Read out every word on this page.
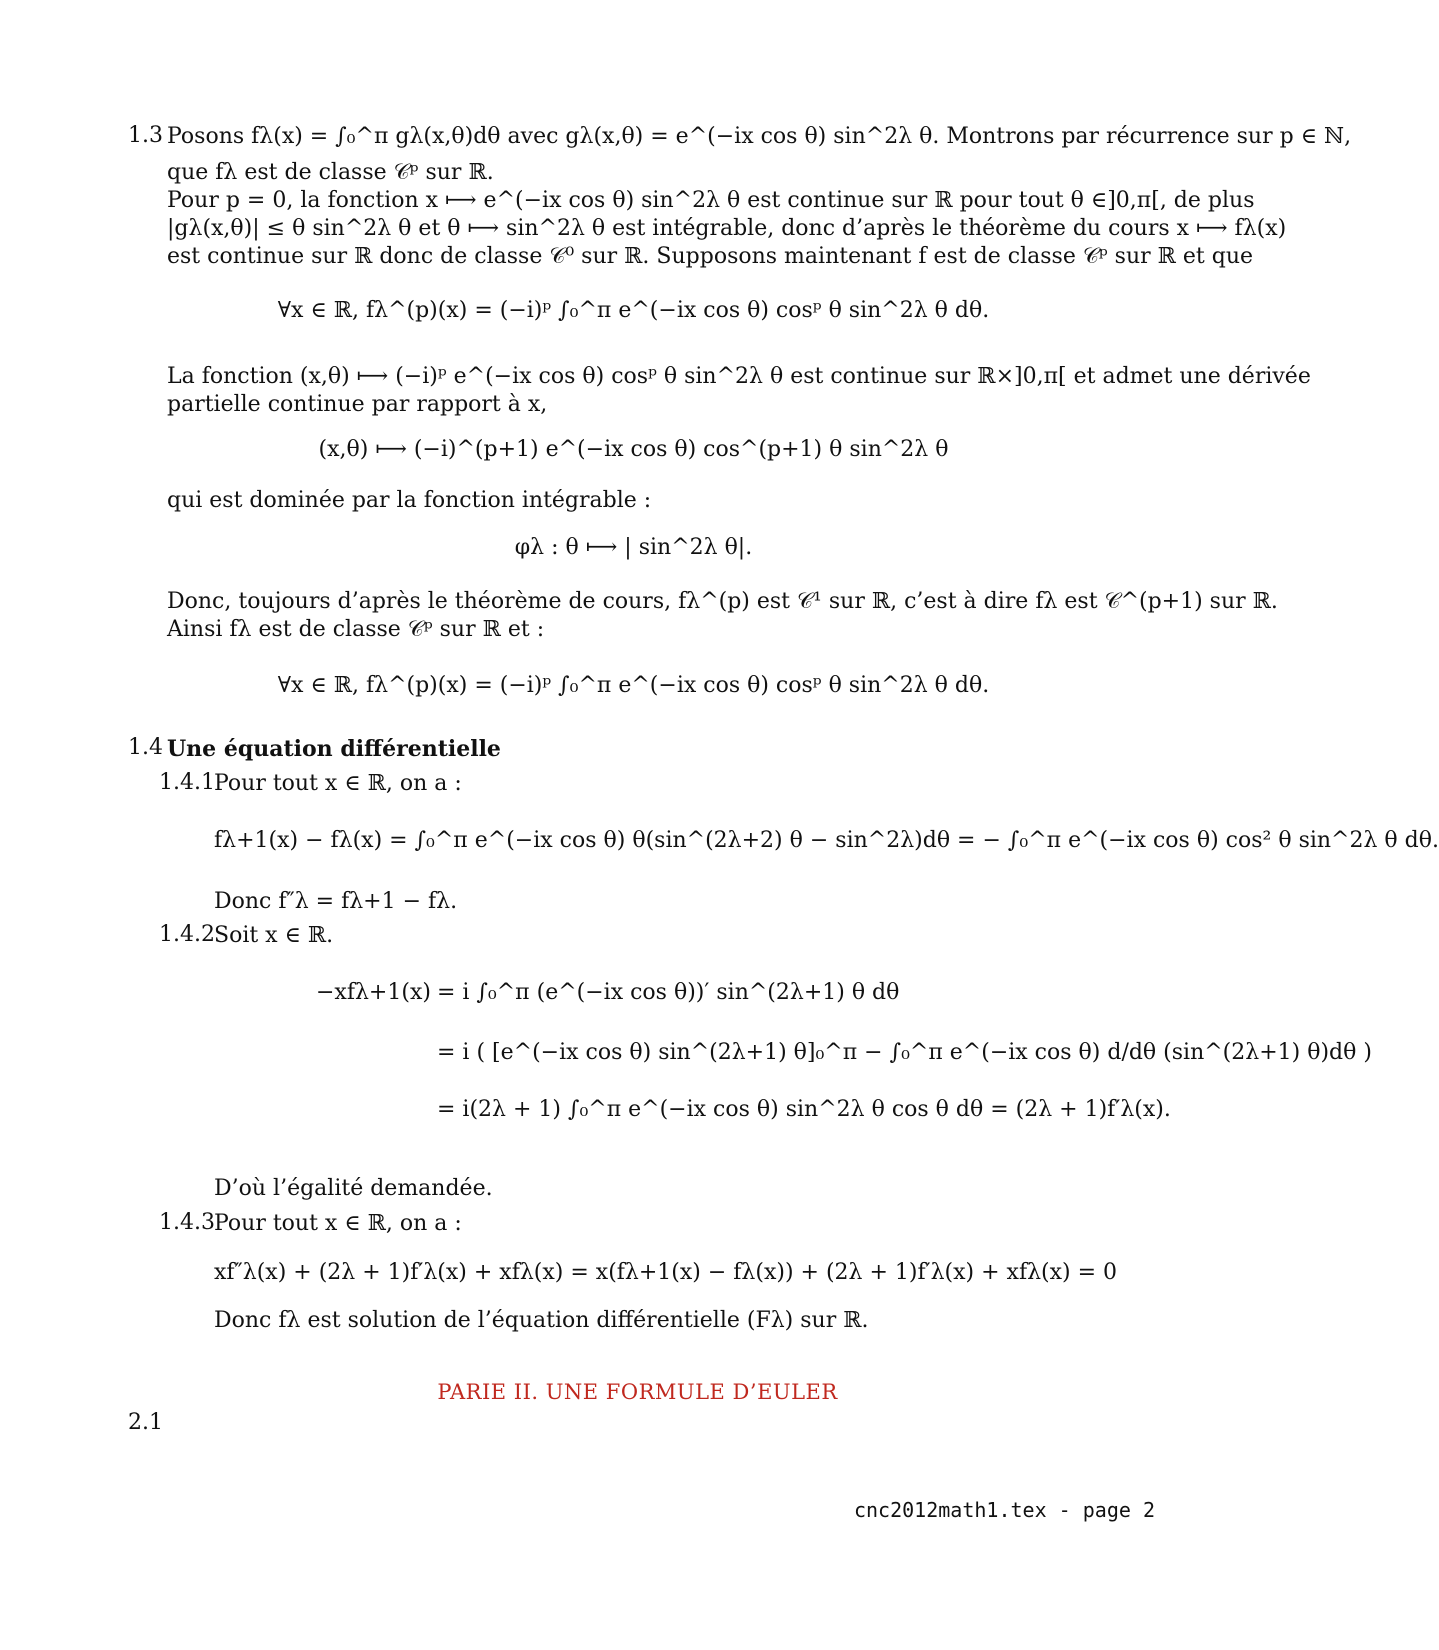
1.3 Posons fλ(x) = ∫₀^π gλ(x,θ)dθ avec gλ(x,θ) = e^(−ix cos θ) sin^2λ θ. Montrons par récurrence sur p ∈ ℕ,
que fλ est de classe 𝒞ᵖ sur ℝ.
Pour p = 0, la fonction x ⟼ e^(−ix cos θ) sin^2λ θ est continue sur ℝ pour tout θ ∈]0,π[, de plus
|gλ(x,θ)| ≤ θ sin^2λ θ et θ ⟼ sin^2λ θ est intégrable, donc d’après le théorème du cours x ⟼ fλ(x)
est continue sur ℝ donc de classe 𝒞⁰ sur ℝ. Supposons maintenant f est de classe 𝒞ᵖ sur ℝ et que
∀x ∈ ℝ, fλ^(p)(x) = (−i)ᵖ ∫₀^π e^(−ix cos θ) cosᵖ θ sin^2λ θ dθ.
La fonction (x,θ) ⟼ (−i)ᵖ e^(−ix cos θ) cosᵖ θ sin^2λ θ est continue sur ℝ×]0,π[ et admet une dérivée
partielle continue par rapport à x,
(x,θ) ⟼ (−i)^(p+1) e^(−ix cos θ) cos^(p+1) θ sin^2λ θ
qui est dominée par la fonction intégrable :
φλ : θ ⟼ | sin^2λ θ|.
Donc, toujours d’après le théorème de cours, fλ^(p) est 𝒞¹ sur ℝ, c’est à dire fλ est 𝒞^(p+1) sur ℝ.
Ainsi fλ est de classe 𝒞ᵖ sur ℝ et :
∀x ∈ ℝ, fλ^(p)(x) = (−i)ᵖ ∫₀^π e^(−ix cos θ) cosᵖ θ sin^2λ θ dθ.
1.4 Une équation différentielle
1.4.1 Pour tout x ∈ ℝ, on a :
fλ+1(x) − fλ(x) = ∫₀^π e^(−ix cos θ) θ(sin^(2λ+2) θ − sin^2λ)dθ = − ∫₀^π e^(−ix cos θ) cos² θ sin^2λ θ dθ.
Donc f″λ = fλ+1 − fλ.
1.4.2 Soit x ∈ ℝ.
−xfλ+1(x) = i ∫₀^π (e^(−ix cos θ))′ sin^(2λ+1) θ dθ
= i ( [e^(−ix cos θ) sin^(2λ+1) θ]₀^π − ∫₀^π e^(−ix cos θ) d/dθ (sin^(2λ+1) θ)dθ )
= i(2λ + 1) ∫₀^π e^(−ix cos θ) sin^2λ θ cos θ dθ = (2λ + 1)f′λ(x).
D’où l’égalité demandée.
1.4.3 Pour tout x ∈ ℝ, on a :
xf″λ(x) + (2λ + 1)f′λ(x) + xfλ(x) = x(fλ+1(x) − fλ(x)) + (2λ + 1)f′λ(x) + xfλ(x) = 0
Donc fλ est solution de l’équation différentielle (Fλ) sur ℝ.
PARIE II. UNE FORMULE D’EULER
2.1
cnc2012math1.tex - page 2
